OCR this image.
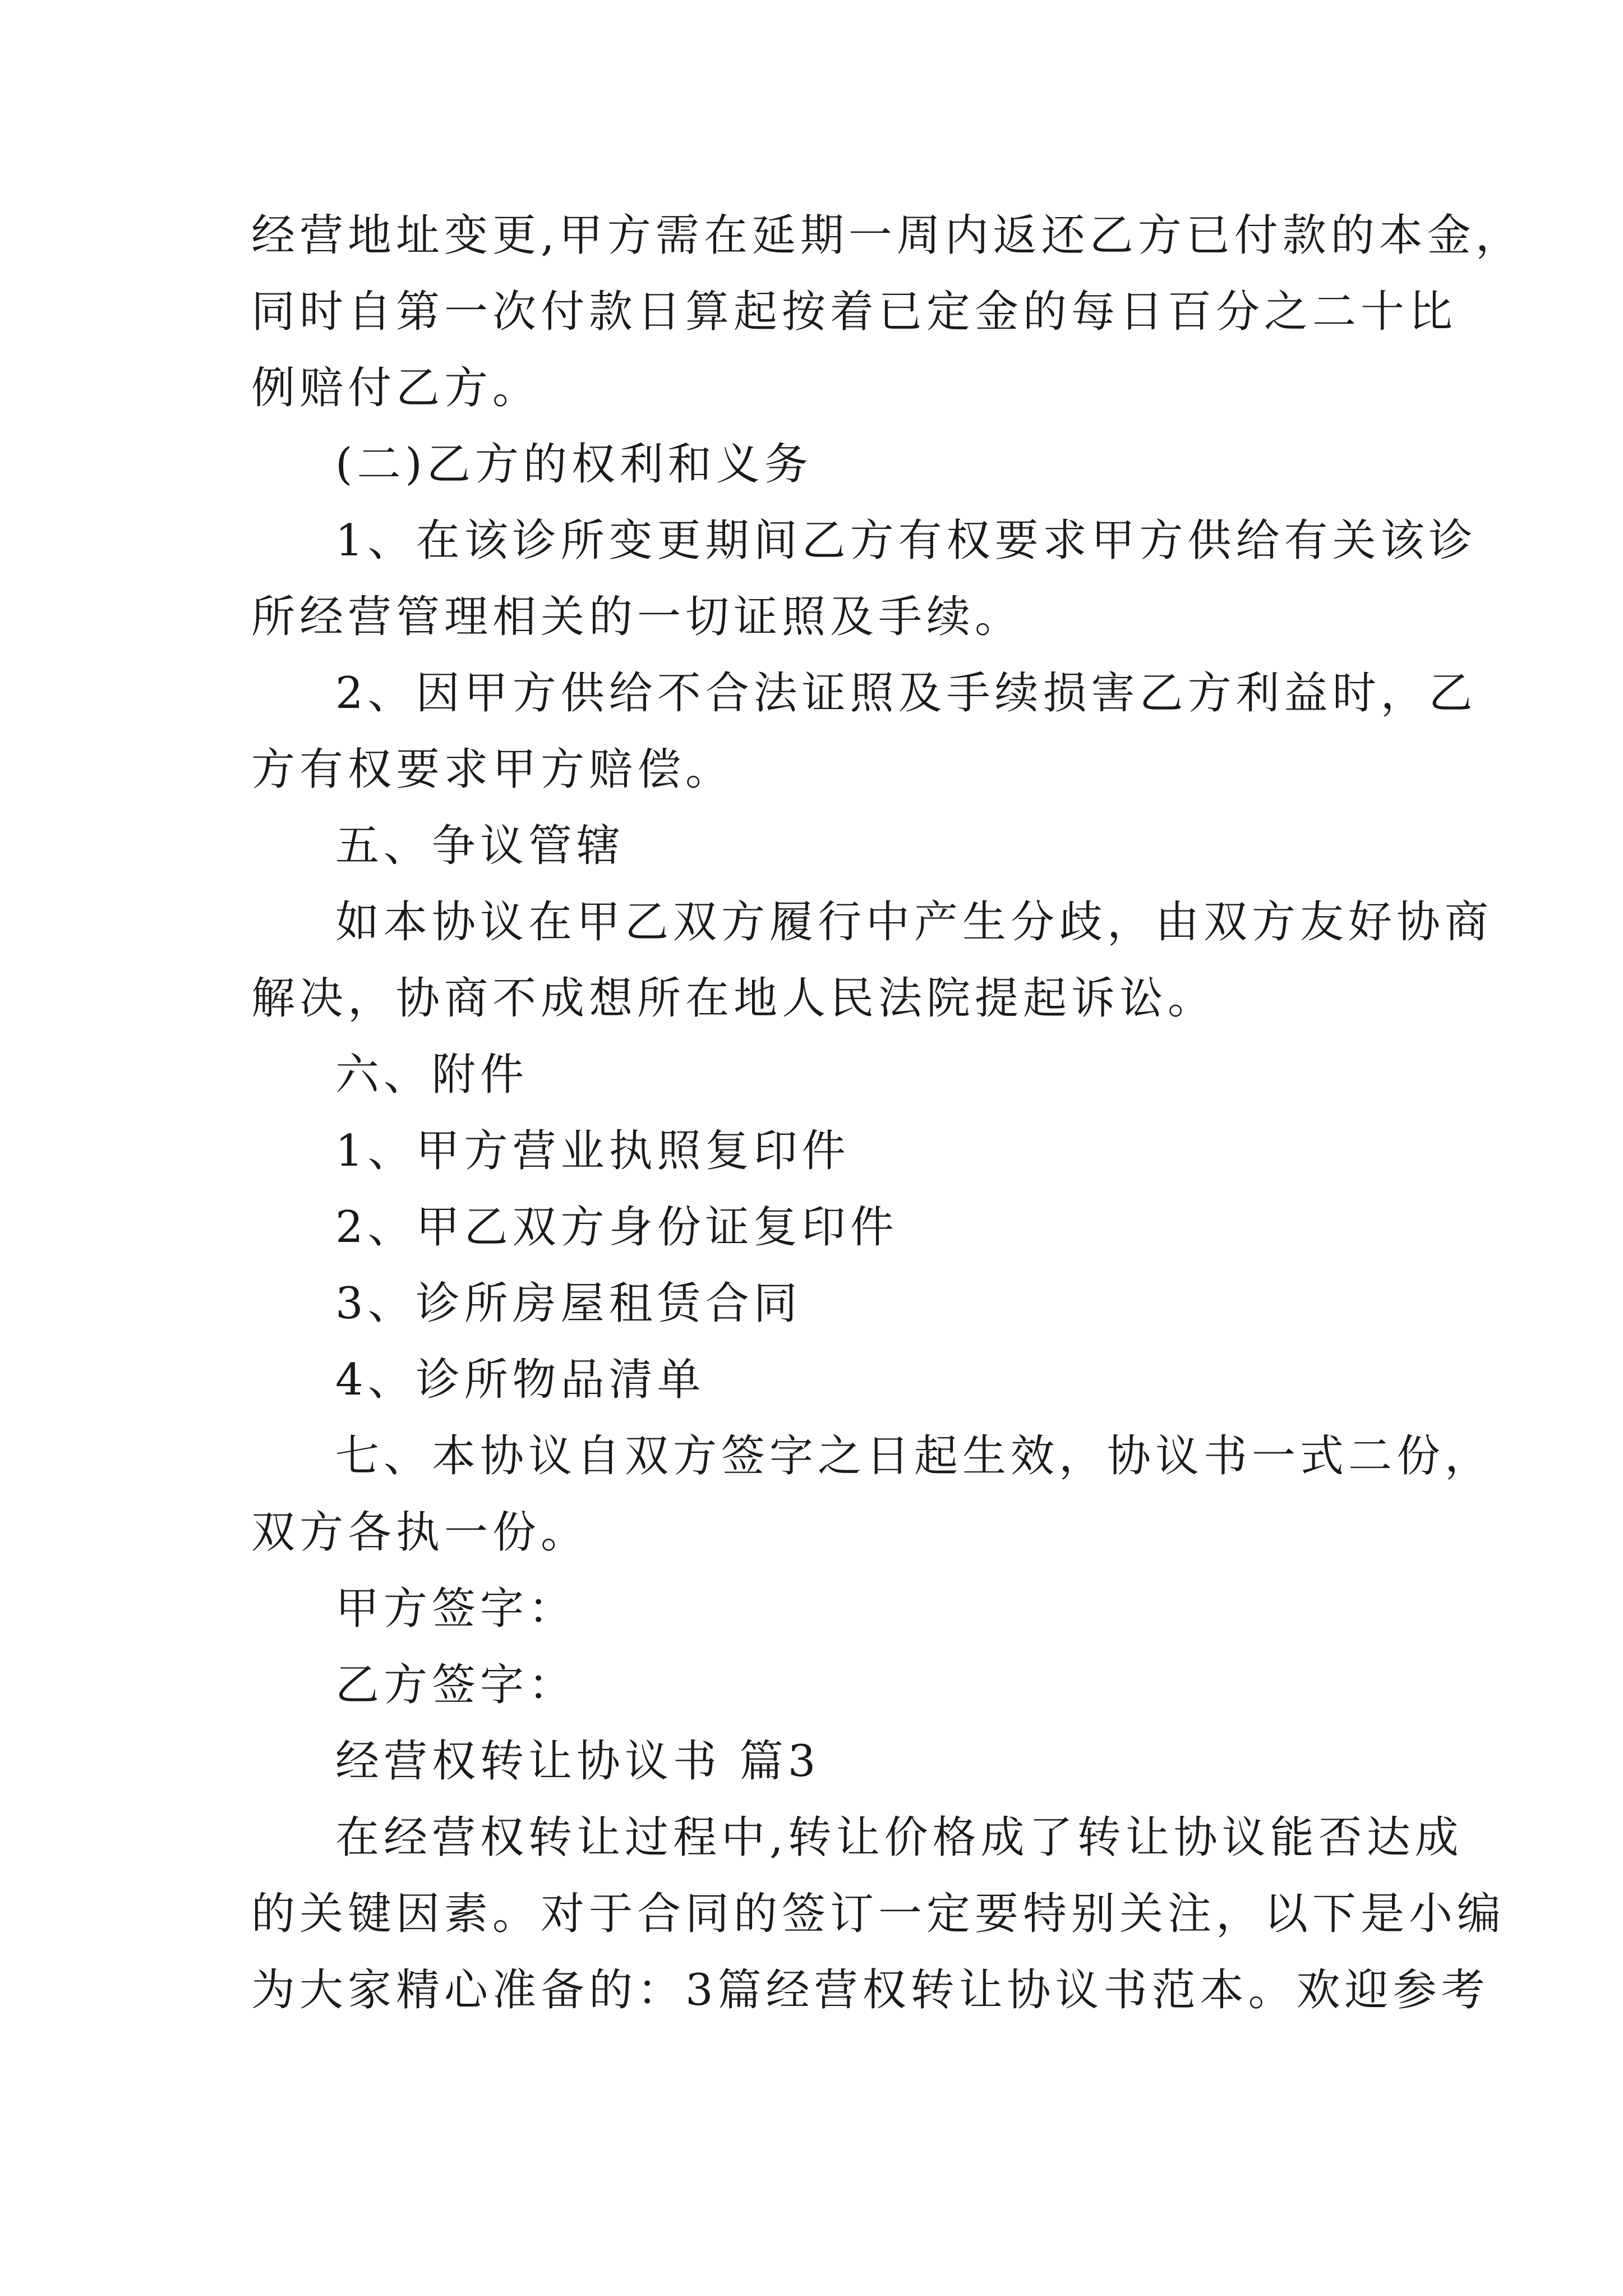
经营地址变更,甲方需在延期一周内返还乙方已付款的本金，
同时自第一次付款日算起按着已定金的每日百分之二十比
例赔付乙方。
(二)乙方的权利和义务
1、在该诊所变更期间乙方有权要求甲方供给有关该诊
所经营管理相关的一切证照及手续。
2、因甲方供给不合法证照及手续损害乙方利益时，乙
方有权要求甲方赔偿。
五、争议管辖
如本协议在甲乙双方履行中产生分歧，由双方友好协商
解决，协商不成想所在地人民法院提起诉讼。
六、附件
1、甲方营业执照复印件
2、甲乙双方身份证复印件
3、诊所房屋租赁合同
4、诊所物品清单
七、本协议自双方签字之日起生效，协议书一式二份，
双方各执一份。
甲方签字：
乙方签字：
经营权转让协议书 篇3
在经营权转让过程中,转让价格成了转让协议能否达成
的关键因素。对于合同的签订一定要特别关注，以下是小编
为大家精心准备的：3篇经营权转让协议书范本。欢迎参考
